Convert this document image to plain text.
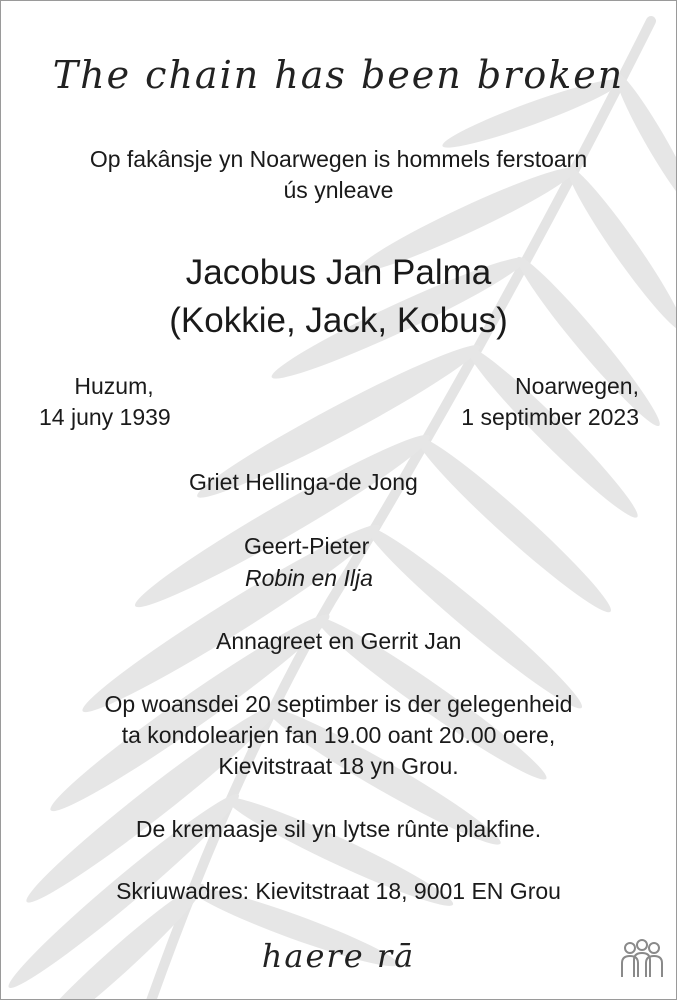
The chain has been broken
Op fakânsje yn Noarwegen is hommels ferstoarn
ús ynleave
Jacobus Jan Palma
(Kokkie, Jack, Kobus)
Huzum,
14 juny 1939
Noarwegen,
1 septimber 2023
Griet Hellinga-de Jong
Geert-Pieter
Robin en Ilja
Annagreet en Gerrit Jan
Op woansdei 20 septimber is der gelegenheid
ta kondolearjen fan 19.00 oant 20.00 oere,
Kievitstraat 18 yn Grou.
De kremaasje sil yn lytse rûnte plakfine.
Skriuwadres: Kievitstraat 18, 9001 EN Grou
haere rā
